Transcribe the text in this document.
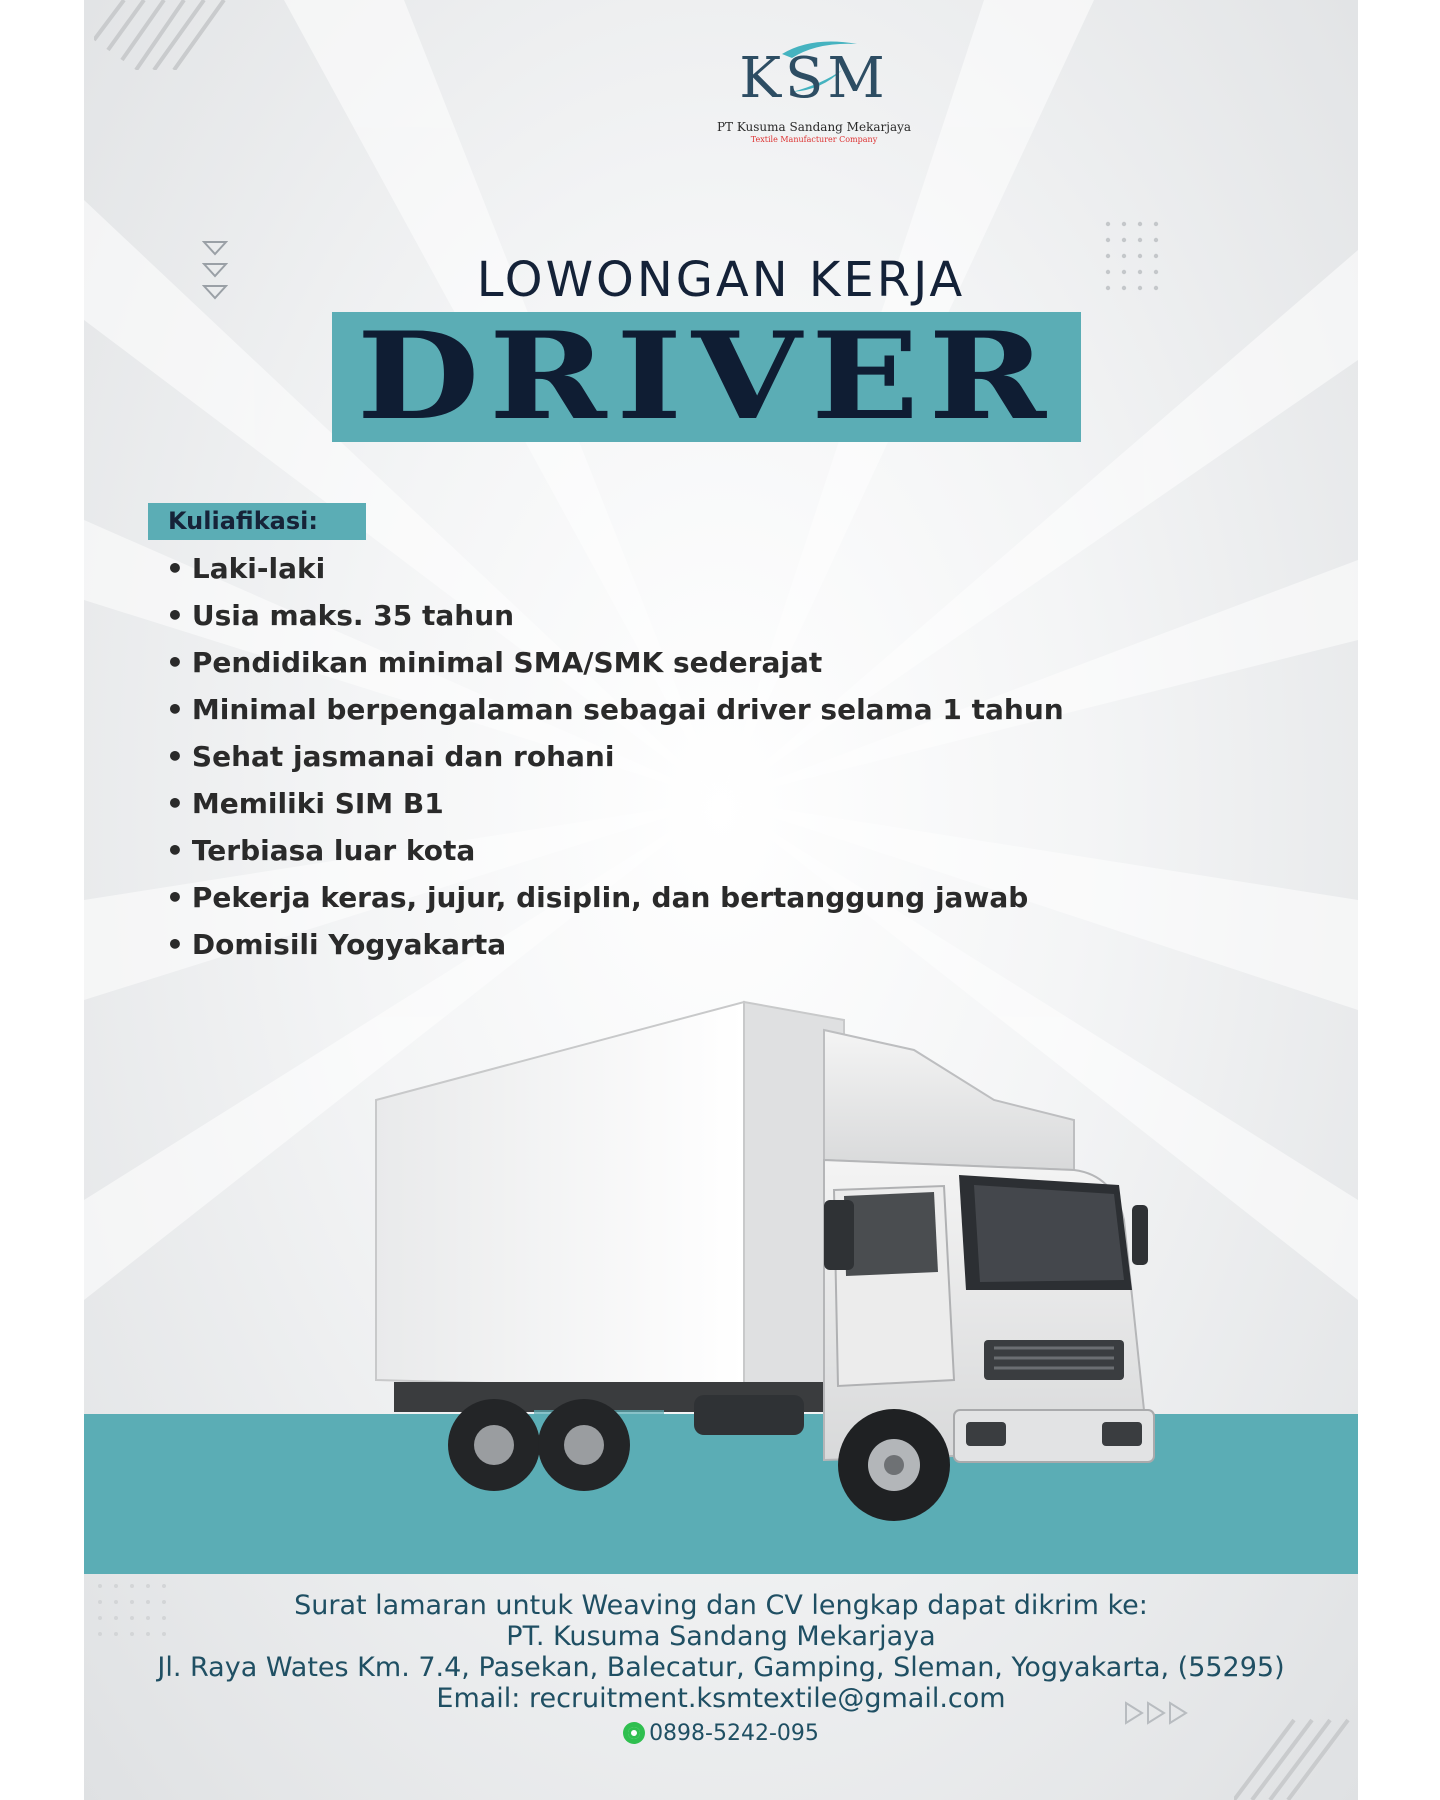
KSM
PT Kusuma Sandang Mekarjaya
Textile Manufacturer Company
LOWONGAN KERJA
DRIVER
Kuliafikasi:
• Laki-laki
• Usia maks. 35 tahun
• Pendidikan minimal SMA/SMK sederajat
• Minimal berpengalaman sebagai driver selama 1 tahun
• Sehat jasmanai dan rohani
• Memiliki SIM B1
• Terbiasa luar kota
• Pekerja keras, jujur, disiplin, dan bertanggung jawab
• Domisili Yogyakarta
Surat lamaran untuk Weaving dan CV lengkap dapat dikrim ke:
PT. Kusuma Sandang Mekarjaya
Jl. Raya Wates Km. 7.4, Pasekan, Balecatur, Gamping, Sleman, Yogyakarta, (55295)
Email: recruitment.ksmtextile@gmail.com
0898-5242-095
